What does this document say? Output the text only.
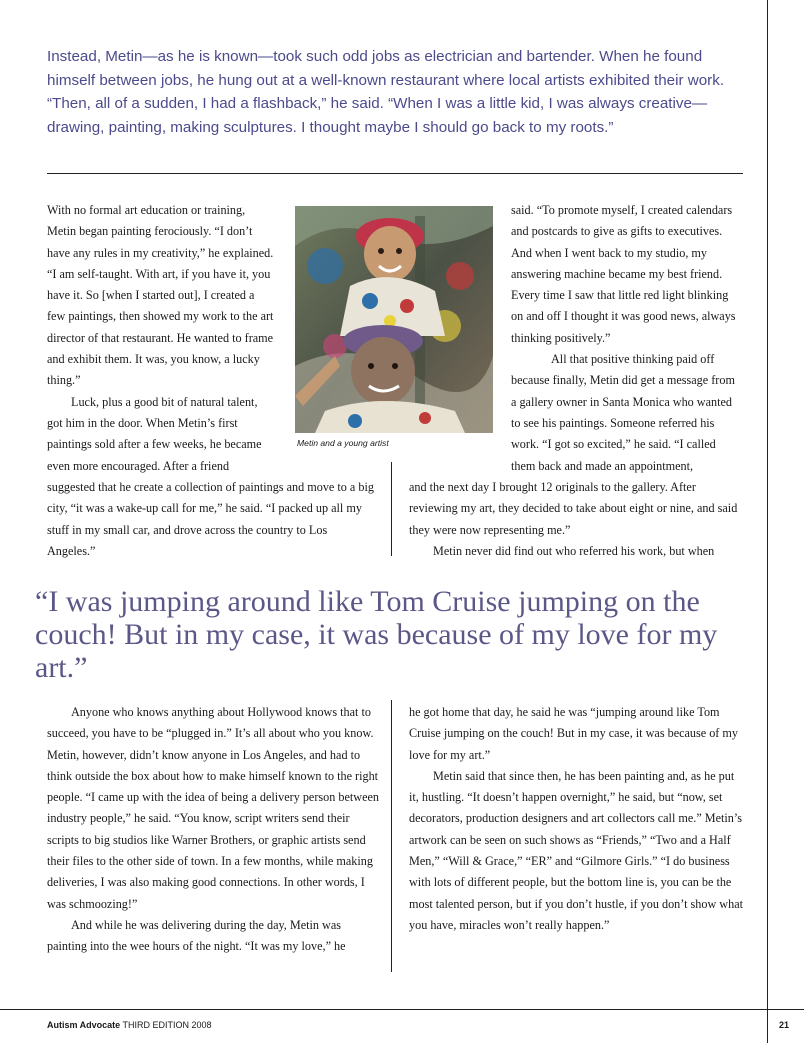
Instead, Metin—as he is known—took such odd jobs as electrician and bartender. When he found himself between jobs, he hung out at a well-known restaurant where local artists exhibited their work. “Then, all of a sudden, I had a flashback,” he said. “When I was a little kid, I was always creative—drawing, painting, making sculptures. I thought maybe I should go back to my roots.”

With no formal art education or training, Metin began painting ferociously. “I don’t have any rules in my creativity,” he explained. “I am self-taught. With art, if you have it, you have it. So [when I started out], I created a few paintings, then showed my work to the art director of that restaurant. He wanted to frame and exhibit them. It was, you know, a lucky thing.”

Luck, plus a good bit of natural talent, got him in the door. When Metin’s first paintings sold after a few weeks, he became even more encouraged. After a friend

suggested that he create a collection of paintings and move to a big city, “it was a wake-up call for me,” he said. “I packed up all my stuff in my small car, and drove across the country to Los Angeles.”

Metin and a young artist

said. “To promote myself, I created calendars and postcards to give as gifts to executives. And when I went back to my studio, my answering machine became my best friend. Every time I saw that little red light blinking on and off I thought it was good news, always thinking positively.”

All that positive thinking paid off because finally, Metin did get a message from a gallery owner in Santa Monica who wanted to see his paintings. Someone referred his work. “I got so excited,” he said. “I called them back and made an appointment,

and the next day I brought 12 originals to the gallery. After reviewing my art, they decided to take about eight or nine, and said they were now representing me.”

Metin never did find out who referred his work, but when

“I was jumping around like Tom Cruise jumping on the couch! But in my case, it was because of my love for my art.”

Anyone who knows anything about Hollywood knows that to succeed, you have to be “plugged in.” It’s all about who you know. Metin, however, didn’t know anyone in Los Angeles, and had to think outside the box about how to make himself known to the right people. “I came up with the idea of being a delivery person between industry people,” he said. “You know, script writers send their scripts to big studios like Warner Brothers, or graphic artists send their files to the other side of town. In a few months, while making deliveries, I was also making good connections. In other words, I was schmoozing!”

And while he was delivering during the day, Metin was painting into the wee hours of the night. “It was my love,” he

he got home that day, he said he was “jumping around like Tom Cruise jumping on the couch! But in my case, it was because of my love for my art.”

Metin said that since then, he has been painting and, as he put it, hustling. “It doesn’t happen overnight,” he said, but “now, set decorators, production designers and art collectors call me.” Metin’s artwork can be seen on such shows as “Friends,” “Two and a Half Men,” “Will & Grace,” “ER” and “Gilmore Girls.” “I do business with lots of different people, but the bottom line is, you can be the most talented person, but if you don’t hustle, if you don’t show what you have, miracles won’t really happen.”

Autism Advocate THIRD EDITION 2008	21
